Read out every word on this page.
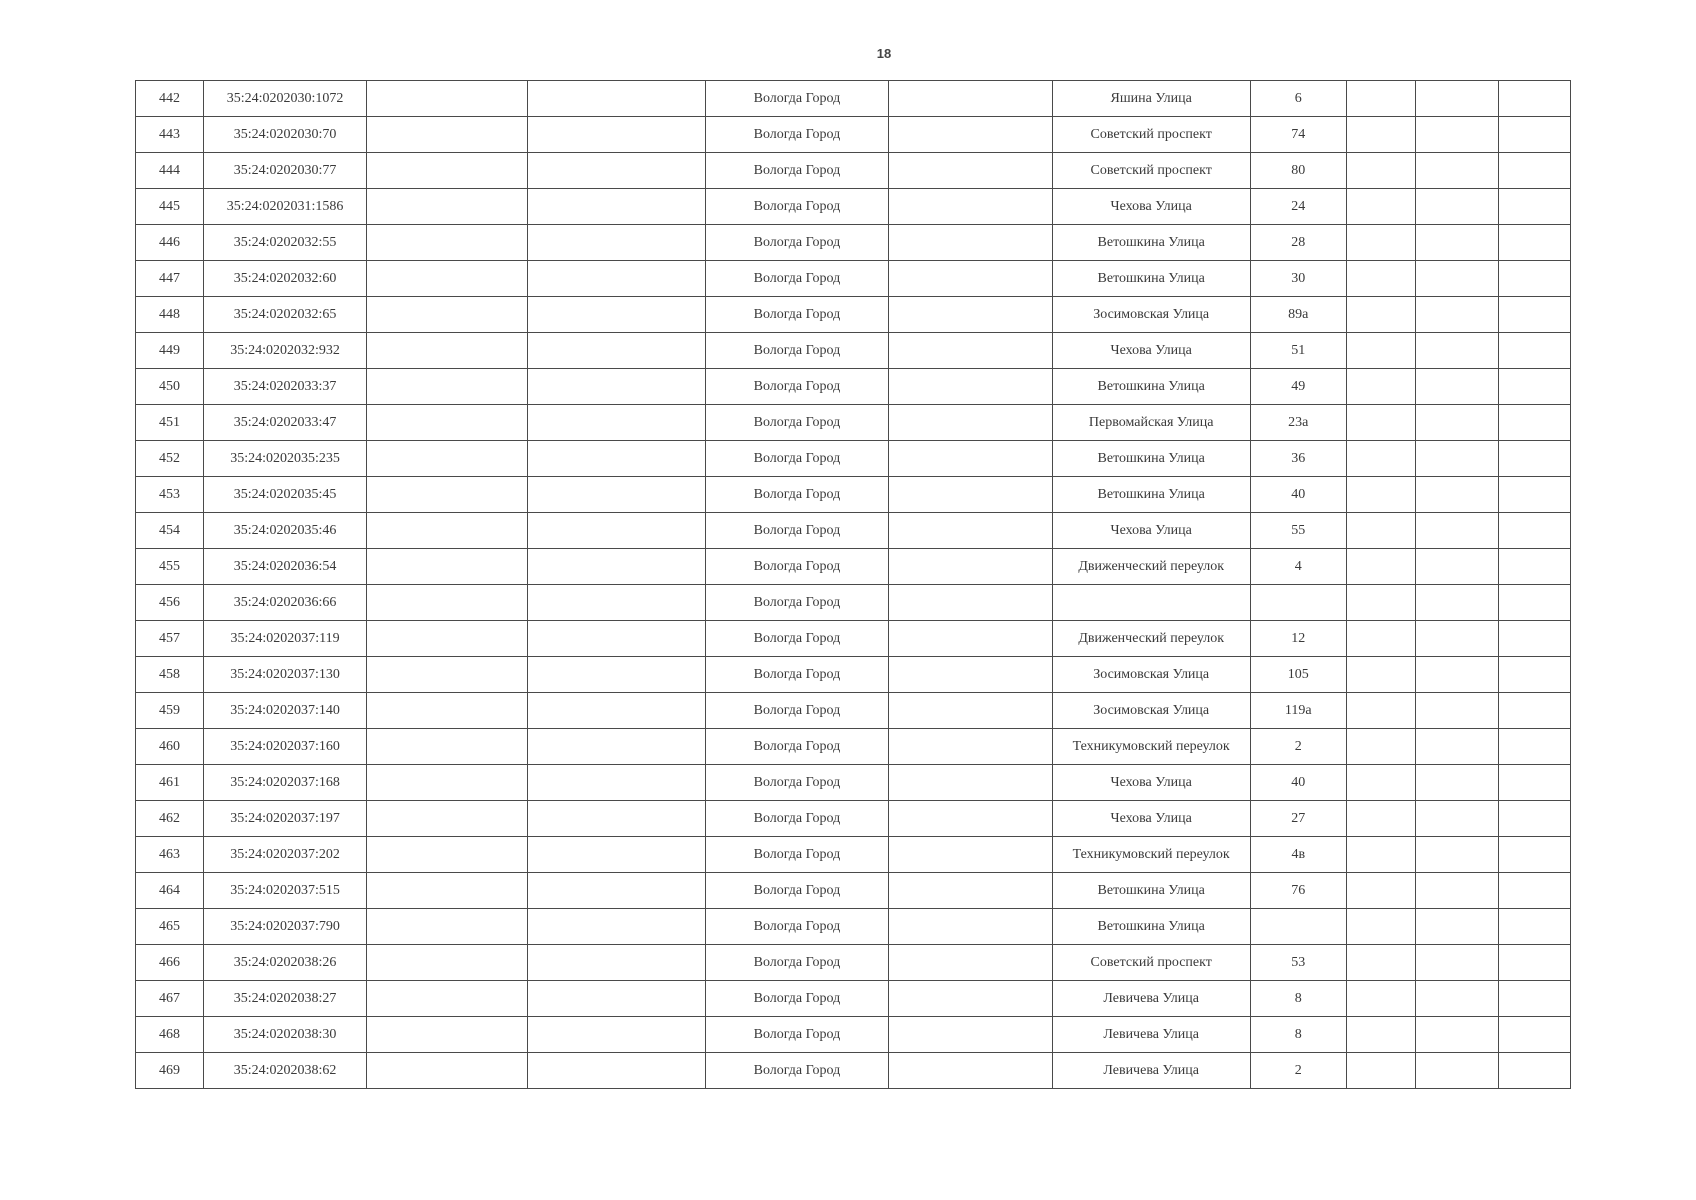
18
442	35:24:0202030:1072			Вологда Город		Яшина Улица	6			
443	35:24:0202030:70			Вологда Город		Советский проспект	74			
444	35:24:0202030:77			Вологда Город		Советский проспект	80			
445	35:24:0202031:1586			Вологда Город		Чехова Улица	24			
446	35:24:0202032:55			Вологда Город		Ветошкина Улица	28			
447	35:24:0202032:60			Вологда Город		Ветошкина Улица	30			
448	35:24:0202032:65			Вологда Город		Зосимовская Улица	89а			
449	35:24:0202032:932			Вологда Город		Чехова Улица	51			
450	35:24:0202033:37			Вологда Город		Ветошкина Улица	49			
451	35:24:0202033:47			Вологда Город		Первомайская Улица	23а			
452	35:24:0202035:235			Вологда Город		Ветошкина Улица	36			
453	35:24:0202035:45			Вологда Город		Ветошкина Улица	40			
454	35:24:0202035:46			Вологда Город		Чехова Улица	55			
455	35:24:0202036:54			Вологда Город		Движенческий переулок	4			
456	35:24:0202036:66			Вологда Город						
457	35:24:0202037:119			Вологда Город		Движенческий переулок	12			
458	35:24:0202037:130			Вологда Город		Зосимовская Улица	105			
459	35:24:0202037:140			Вологда Город		Зосимовская Улица	119а			
460	35:24:0202037:160			Вологда Город		Техникумовский переулок	2			
461	35:24:0202037:168			Вологда Город		Чехова Улица	40			
462	35:24:0202037:197			Вологда Город		Чехова Улица	27			
463	35:24:0202037:202			Вологда Город		Техникумовский переулок	4в			
464	35:24:0202037:515			Вологда Город		Ветошкина Улица	76			
465	35:24:0202037:790			Вологда Город		Ветошкина Улица				
466	35:24:0202038:26			Вологда Город		Советский проспект	53			
467	35:24:0202038:27			Вологда Город		Левичева Улица	8			
468	35:24:0202038:30			Вологда Город		Левичева Улица	8			
469	35:24:0202038:62			Вологда Город		Левичева Улица	2			
